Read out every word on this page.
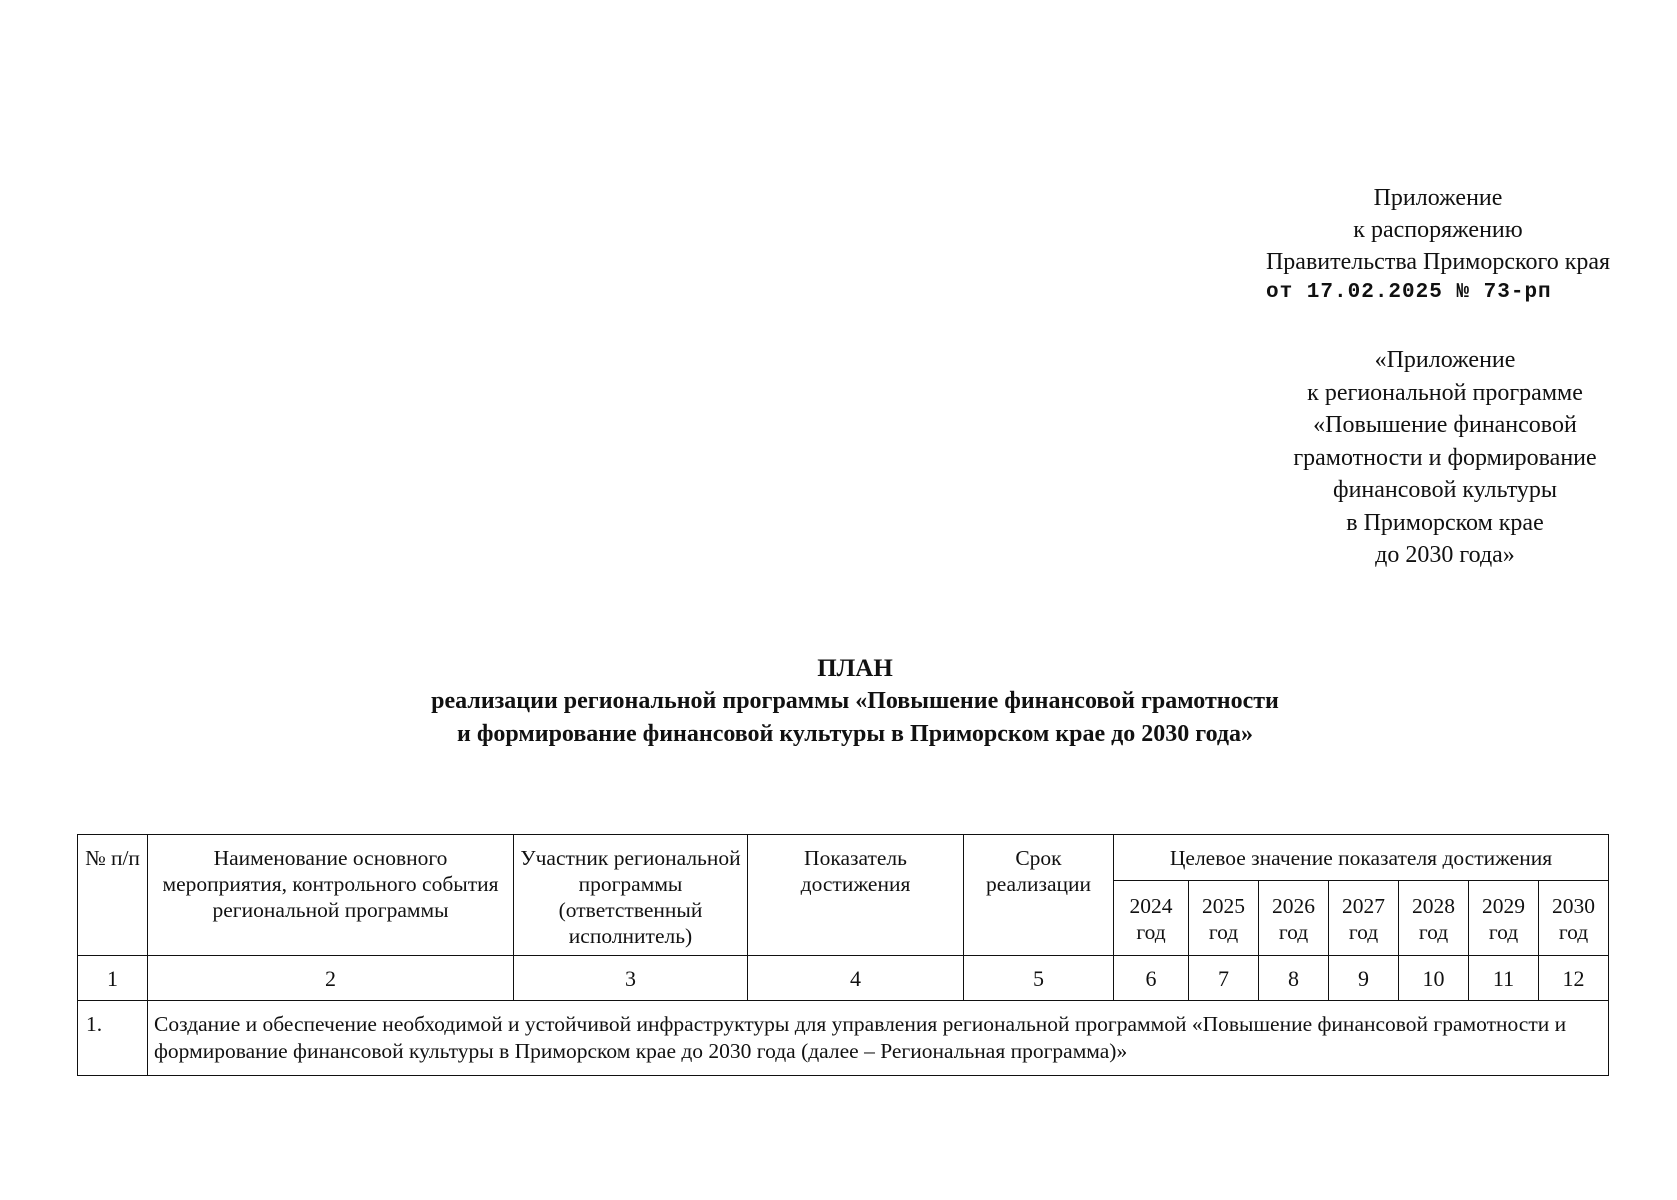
Приложение
к распоряжению
Правительства Приморского края
от 17.02.2025 № 73-рп
«Приложение
к региональной программе
«Повышение финансовой
грамотности и формирование
финансовой культуры
в Приморском крае
до 2030 года»
ПЛАН
реализации региональной программы «Повышение финансовой грамотности
и формирование финансовой культуры в Приморском крае до 2030 года»
№ п/п	Наименование основного мероприятия, контрольного события региональной программы	Участник региональной программы (ответственный исполнитель)	Показатель достижения	Срок реализации	Целевое значение показателя достижения						
					2024 год	2025 год	2026 год	2027 год	2028 год	2029 год	2030 год
1	2	3	4	5	6	7	8	9	10	11	12
1.	Создание и обеспечение необходимой и устойчивой инфраструктуры для управления региональной программой «Повышение финансовой грамотности и формирование финансовой культуры в Приморском крае до 2030 года (далее – Региональная программа)»										
